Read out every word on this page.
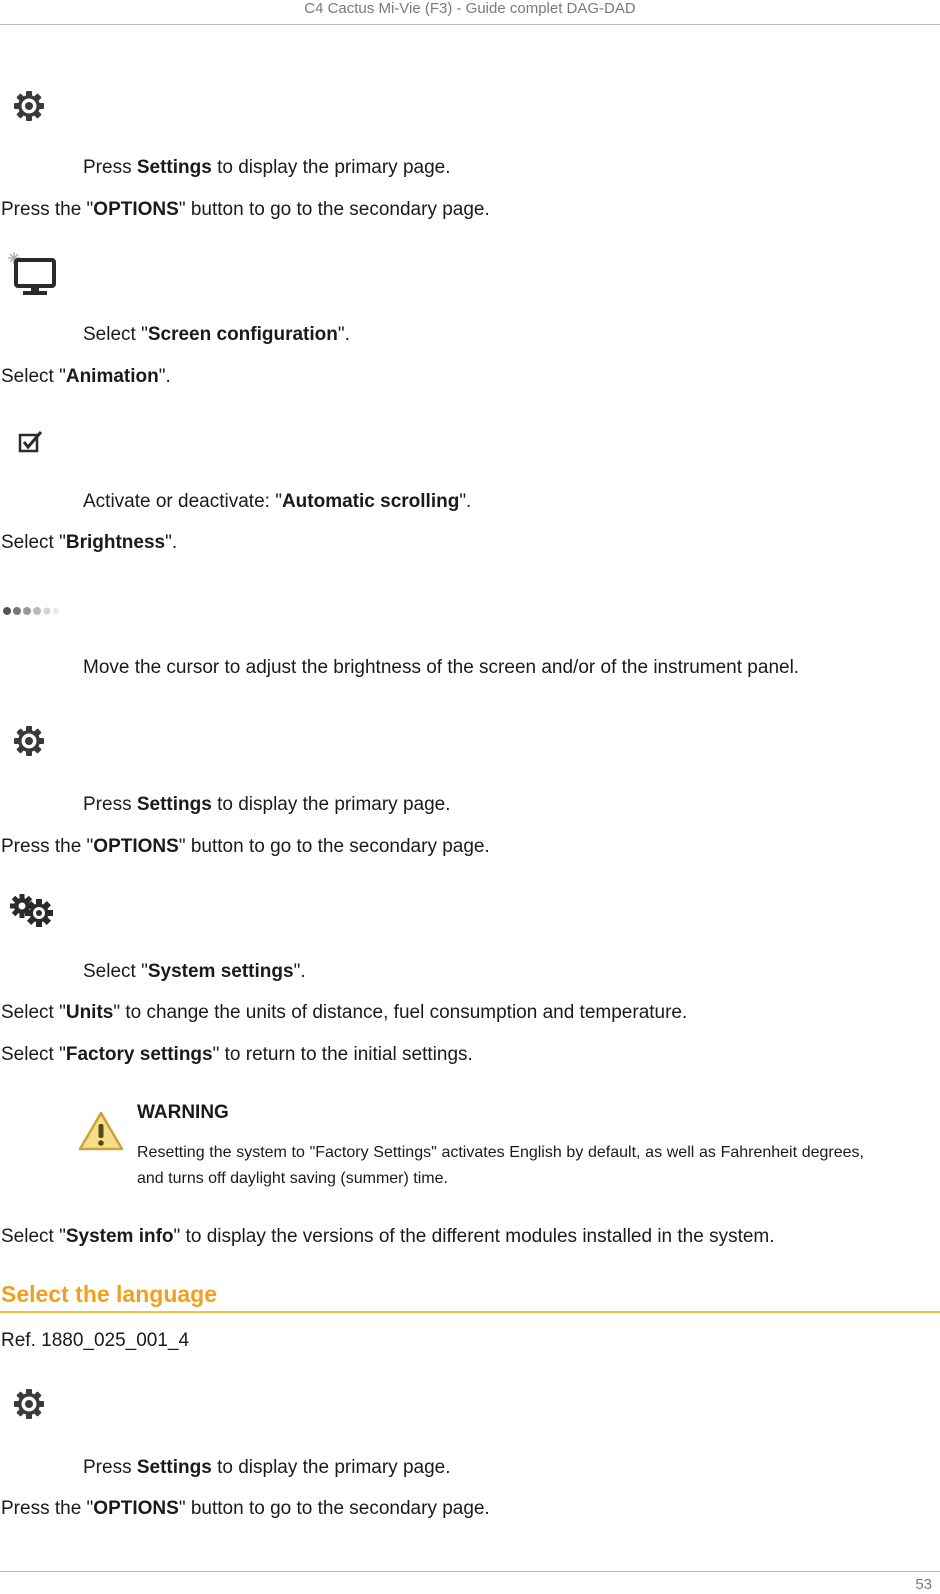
C4 Cactus Mi-Vie (F3) - Guide complet DAG-DAD
Press Settings to display the primary page.
Press the "OPTIONS" button to go to the secondary page.
Select "Screen configuration".
Select "Animation".
Activate or deactivate: "Automatic scrolling".
Select "Brightness".
Move the cursor to adjust the brightness of the screen and/or of the instrument panel.
Press Settings to display the primary page.
Press the "OPTIONS" button to go to the secondary page.
Select "System settings".
Select "Units" to change the units of distance, fuel consumption and temperature.
Select "Factory settings" to return to the initial settings.
WARNING
Resetting the system to "Factory Settings" activates English by default, as well as Fahrenheit degrees, and turns off daylight saving (summer) time.
Select "System info" to display the versions of the different modules installed in the system.
Select the language
Ref. 1880_025_001_4
Press Settings to display the primary page.
Press the "OPTIONS" button to go to the secondary page.
53
